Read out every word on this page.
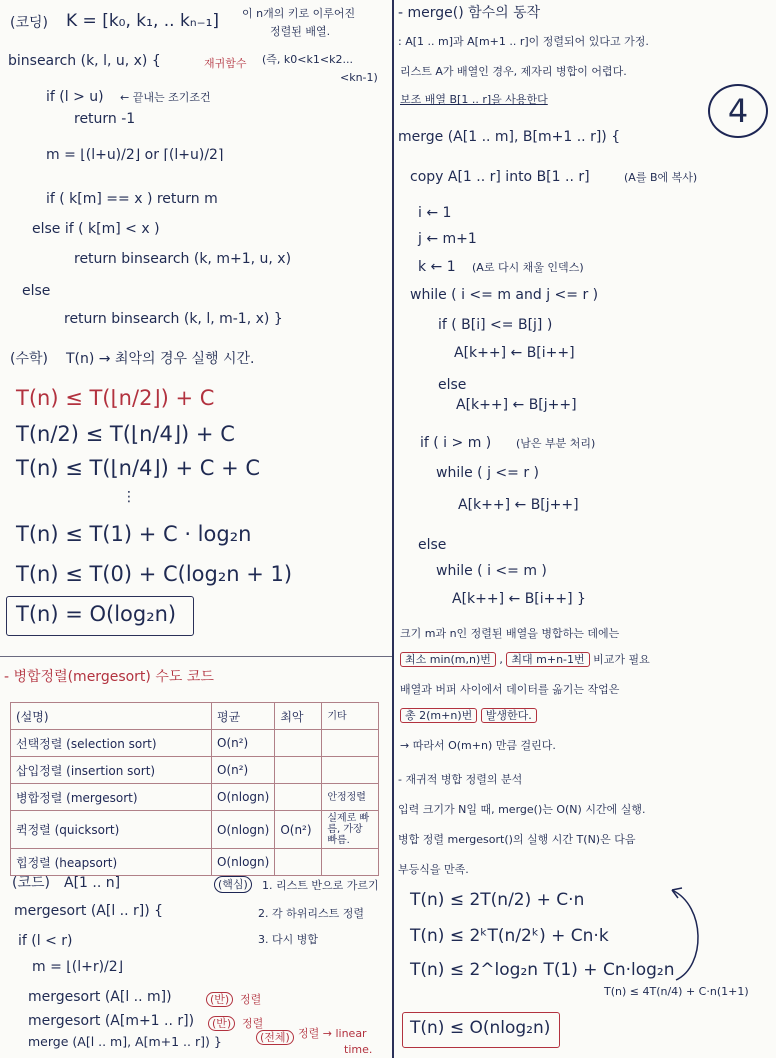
(코딩) K = [k₀, k₁, .. kₙ₋₁] 이 n개의 키로 이루어진
정렬된 배열.
binsearch (k, l, u, x) {	재귀함수 (즉, k0<k1<k2...
<kn-1)
if (l > u) ← 끝내는 조기조건
return -1
m = ⌊(l+u)/2⌋ or ⌈(l+u)/2⌉
if ( k[m] == x ) return m
else if ( k[m] < x )
return binsearch (k, m+1, u, x)
else
return binsearch (k, l, m-1, x) }
(수학) T(n) → 최악의 경우 실행 시간.
T(n) ≤ T(⌊n/2⌋) + C
T(n/2) ≤ T(⌊n/4⌋) + C
T(n) ≤ T(⌊n/4⌋) + C + C
⋮
T(n) ≤ T(1) + C · log₂n
T(n) ≤ T(0) + C(log₂n + 1)
T(n) = O(log₂n)
- 병합정렬(mergesort) 수도 코드
(설명)	평균	최악	기타
선택정렬 (selection sort)	O(n²)		
삽입정렬 (insertion sort)	O(n²)		
병합정렬 (mergesort)	O(nlogn)		안정정렬
퀵정렬 (quicksort)	O(nlogn)	O(n²)	실제로 빠름, 가장 빠름.
힙정렬 (heapsort)	O(nlogn)		
(코드) A[1 .. n]	(핵심)	1. 리스트 반으로 가르기
2. 각 하위리스트 정렬
3. 다시 병합
mergesort (A[l .. r]) {
if (l < r)
m = ⌊(l+r)/2⌋
mergesort (A[l .. m])	(반) 정렬
mergesort (A[m+1 .. r])	(반) 정렬
merge (A[l .. m], A[m+1 .. r]) }	(전체) 정렬 → linear
time.
- merge() 함수의 동작
: A[1 .. m]과 A[m+1 .. r]이 정렬되어 있다고 가정.
리스트 A가 배열인 경우, 제자리 병합이 어렵다.
보조 배열 B[1 .. r]을 사용한다	4
merge (A[1 .. m], B[m+1 .. r]) {
copy A[1 .. r] into B[1 .. r]	(A를 B에 복사)
i ← 1
j ← m+1
k ← 1 (A로 다시 채울 인덱스)
while ( i <= m and j <= r )
if ( B[i] <= B[j] )
A[k++] ← B[i++]
else
A[k++] ← B[j++]
if ( i > m ) (남은 부분 처리)
while ( j <= r )
A[k++] ← B[j++]
else
while ( i <= m )
A[k++] ← B[i++] }
크기 m과 n인 정렬된 배열을 병합하는 데에는
최소 min(m,n)번 , 최대 m+n-1번 비교가 필요
배열과 버퍼 사이에서 데이터를 옮기는 작업은
총 2(m+n)번 발생한다.
→ 따라서 O(m+n) 만큼 걸린다.
- 재귀적 병합 정렬의 분석
입력 크기가 N일 때, merge()는 O(N) 시간에 실행.
병합 정렬 mergesort()의 실행 시간 T(N)은 다음
부등식을 만족.
T(n) ≤ 2T(n/2) + C·n
T(n) ≤ 2ᵏT(n/2ᵏ) + Cn·k
T(n) ≤ 2^log₂n T(1) + Cn·log₂n
T(n) ≤ 4T(n/4) + C·n(1+1)
T(n) ≤ O(nlog₂n)
